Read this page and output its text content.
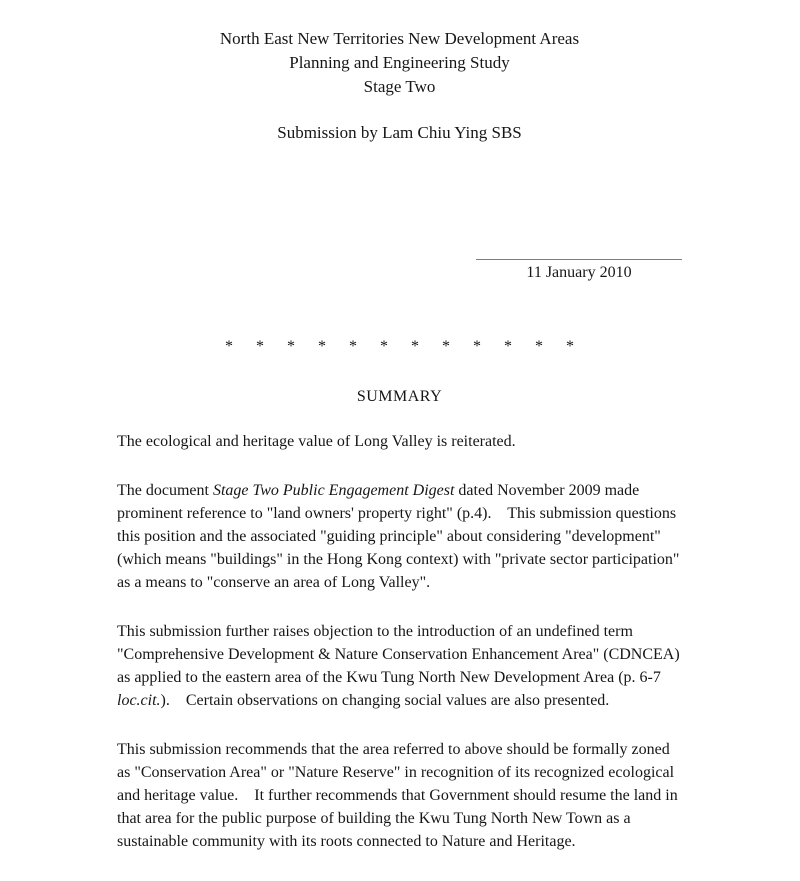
North East New Territories New Development Areas
Planning and Engineering Study
Stage Two
Submission by Lam Chiu Ying SBS
11 January 2010
* * * * * * * * * * * *
SUMMARY

The ecological and heritage value of Long Valley is reiterated.

The document Stage Two Public Engagement Digest dated November 2009 made prominent reference to "land owners' property right" (p.4).    This submission questions this position and the associated "guiding principle" about considering "development" (which means "buildings" in the Hong Kong context) with "private sector participation" as a means to "conserve an area of Long Valley".

This submission further raises objection to the introduction of an undefined term "Comprehensive Development & Nature Conservation Enhancement Area" (CDNCEA) as applied to the eastern area of the Kwu Tung North New Development Area (p. 6-7 loc.cit.).    Certain observations on changing social values are also presented.

This submission recommends that the area referred to above should be formally zoned as "Conservation Area" or "Nature Reserve" in recognition of its recognized ecological and heritage value.    It further recommends that Government should resume the land in that area for the public purpose of building the Kwu Tung North New Town as a sustainable community with its roots connected to Nature and Heritage.
